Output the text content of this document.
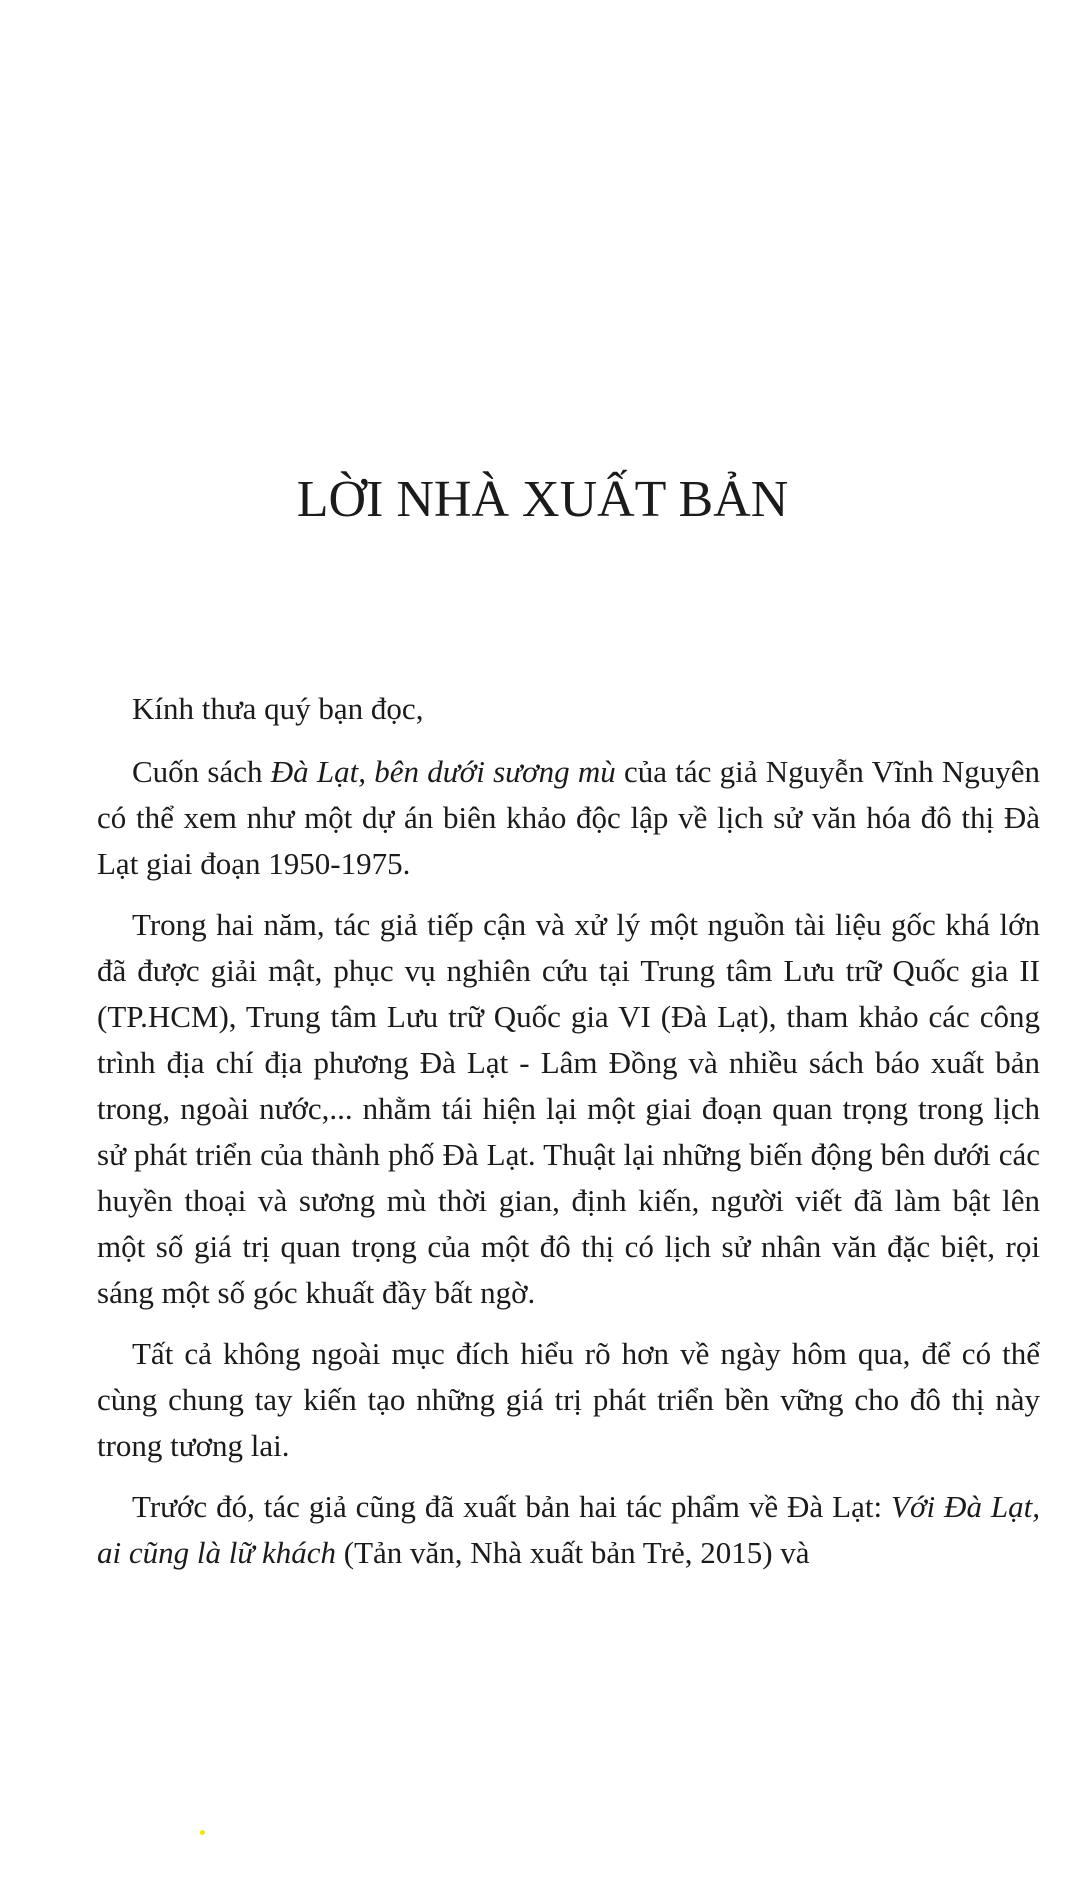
LỜI NHÀ XUẤT BẢN

Kính thưa quý bạn đọc,

Cuốn sách Đà Lạt, bên dưới sương mù của tác giả Nguyễn Vĩnh Nguyên có thể xem như một dự án biên khảo độc lập về lịch sử văn hóa đô thị Đà Lạt giai đoạn 1950-1975.

Trong hai năm, tác giả tiếp cận và xử lý một nguồn tài liệu gốc khá lớn đã được giải mật, phục vụ nghiên cứu tại Trung tâm Lưu trữ Quốc gia II (TP.HCM), Trung tâm Lưu trữ Quốc gia VI (Đà Lạt), tham khảo các công trình địa chí địa phương Đà Lạt - Lâm Đồng và nhiều sách báo xuất bản trong, ngoài nước,... nhằm tái hiện lại một giai đoạn quan trọng trong lịch sử phát triển của thành phố Đà Lạt. Thuật lại những biến động bên dưới các huyền thoại và sương mù thời gian, định kiến, người viết đã làm bật lên một số giá trị quan trọng của một đô thị có lịch sử nhân văn đặc biệt, rọi sáng một số góc khuất đầy bất ngờ.

Tất cả không ngoài mục đích hiểu rõ hơn về ngày hôm qua, để có thể cùng chung tay kiến tạo những giá trị phát triển bền vững cho đô thị này trong tương lai.

Trước đó, tác giả cũng đã xuất bản hai tác phẩm về Đà Lạt: Với Đà Lạt, ai cũng là lữ khách (Tản văn, Nhà xuất bản Trẻ, 2015) và
